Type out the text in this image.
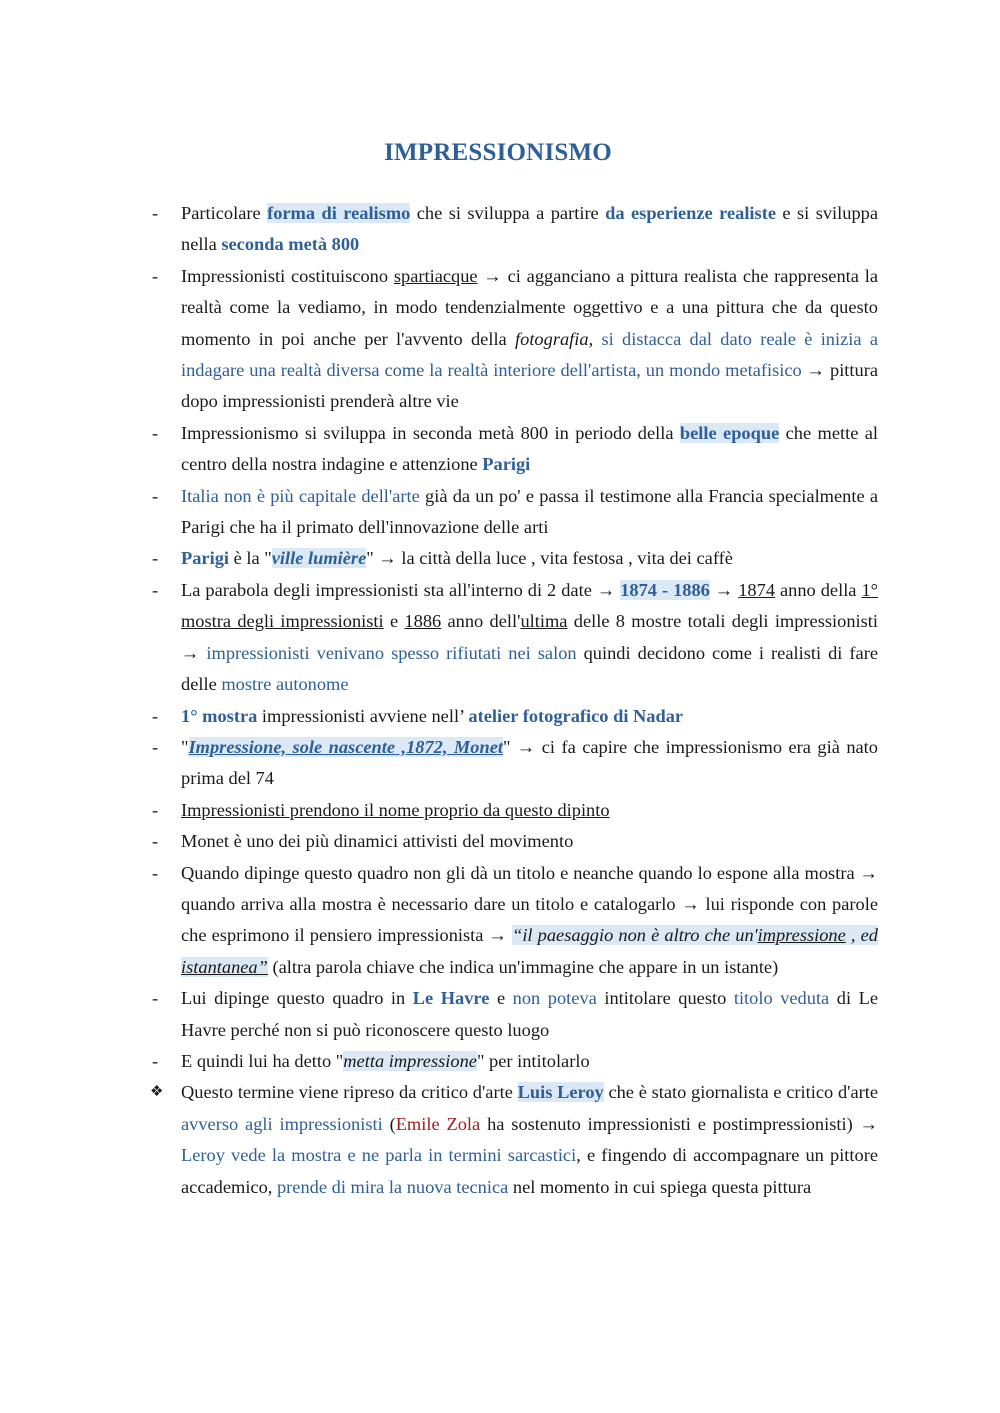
IMPRESSIONISMO
- Particolare forma di realismo che si sviluppa a partire da esperienze realiste e si sviluppa nella seconda metà 800
- Impressionisti costituiscono spartiacque → ci agganciano a pittura realista che rappresenta la realtà come la vediamo, in modo tendenzialmente oggettivo e a una pittura che da questo momento in poi anche per l'avvento della fotografia, si distacca dal dato reale è inizia a indagare una realtà diversa come la realtà interiore dell'artista, un mondo metafisico → pittura dopo impressionisti prenderà altre vie
- Impressionismo si sviluppa in seconda metà 800 in periodo della belle epoque che mette al centro della nostra indagine e attenzione Parigi
- Italia non è più capitale dell'arte già da un po' e passa il testimone alla Francia specialmente a Parigi che ha il primato dell'innovazione delle arti
- Parigi è la "ville lumière" → la città della luce , vita festosa , vita dei caffè
- La parabola degli impressionisti sta all'interno di 2 date → 1874 - 1886 → 1874 anno della 1° mostra degli impressionisti e 1886 anno dell'ultima delle 8 mostre totali degli impressionisti → impressionisti venivano spesso rifiutati nei salon quindi decidono come i realisti di fare delle mostre autonome
- 1° mostra impressionisti avviene nell’ atelier fotografico di Nadar
- "Impressione, sole nascente ,1872, Monet" → ci fa capire che impressionismo era già nato prima del 74
- Impressionisti prendono il nome proprio da questo dipinto
- Monet è uno dei più dinamici attivisti del movimento
- Quando dipinge questo quadro non gli dà un titolo e neanche quando lo espone alla mostra → quando arriva alla mostra è necessario dare un titolo e catalogarlo → lui risponde con parole che esprimono il pensiero impressionista → “il paesaggio non è altro che un'impressione , ed istantanea” (altra parola chiave che indica un'immagine che appare in un istante)
- Lui dipinge questo quadro in Le Havre e non poteva intitolare questo titolo veduta di Le Havre perché non si può riconoscere questo luogo
- E quindi lui ha detto "metta impressione" per intitolarlo
❖ Questo termine viene ripreso da critico d'arte Luis Leroy che è stato giornalista e critico d'arte avverso agli impressionisti (Emile Zola ha sostenuto impressionisti e postimpressionisti) → Leroy vede la mostra e ne parla in termini sarcastici, e fingendo di accompagnare un pittore accademico, prende di mira la nuova tecnica nel momento in cui spiega questa pittura
